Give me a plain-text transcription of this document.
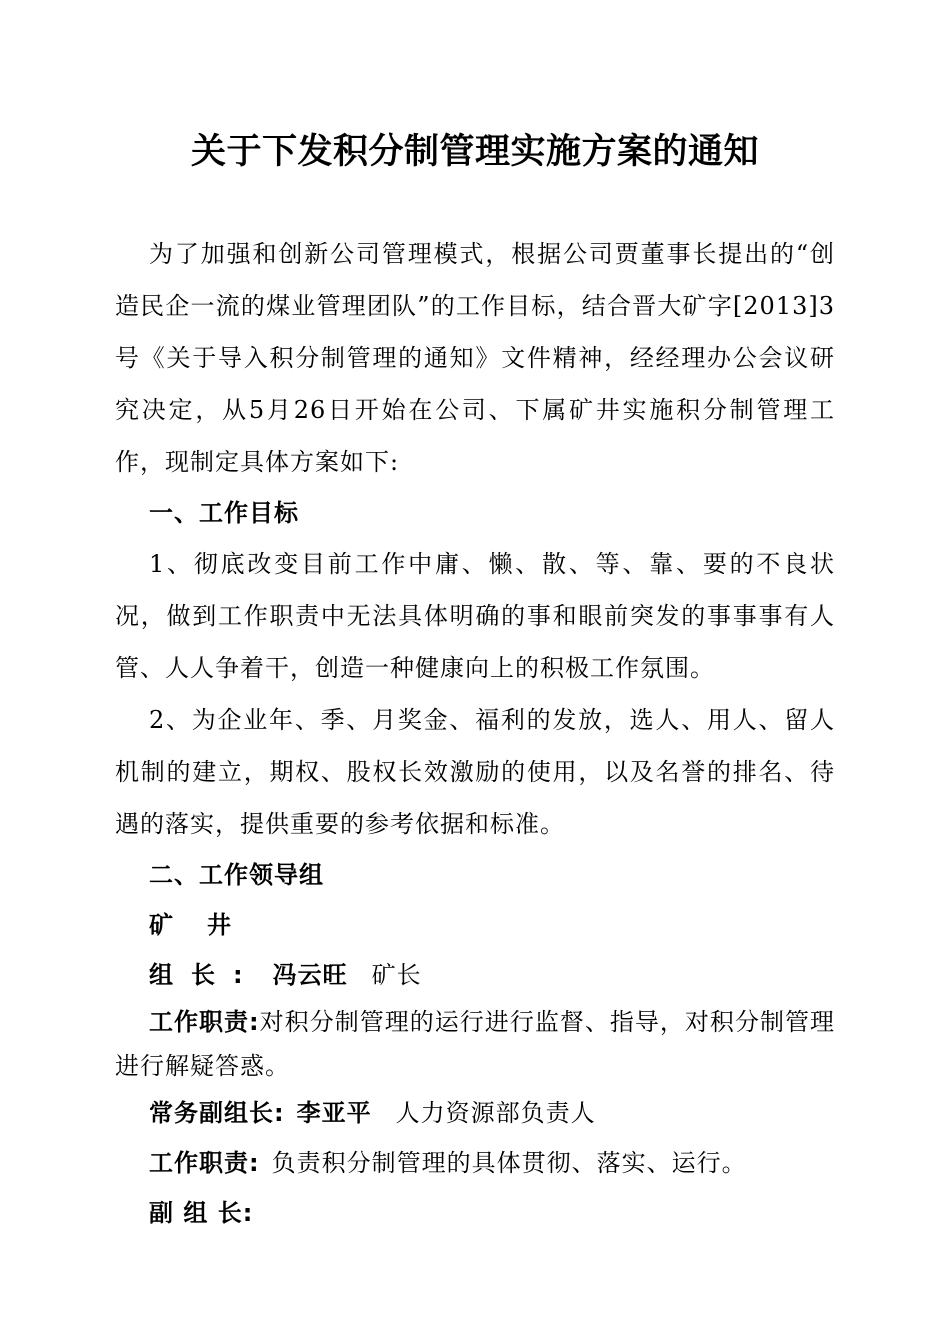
关于下发积分制管理实施方案的通知

为了加强和创新公司管理模式，根据公司贾董事长提出的“创造民企一流的煤业管理团队”的工作目标，结合晋大矿字[2013]3号《关于导入积分制管理的通知》文件精神，经经理办公会议研究决定，从5月26日开始在公司、下属矿井实施积分制管理工作，现制定具体方案如下:

一、工作目标

1、彻底改变目前工作中庸、懒、散、等、靠、要的不良状况，做到工作职责中无法具体明确的事和眼前突发的事事事有人管、人人争着干，创造一种健康向上的积极工作氛围。

2、为企业年、季、月奖金、福利的发放，选人、用人、留人机制的建立，期权、股权长效激励的使用，以及名誉的排名、待遇的落实，提供重要的参考依据和标准。

二、工作领导组

矿井

组长: 冯云旺 矿长

工作职责:对积分制管理的运行进行监督、指导，对积分制管理进行解疑答惑。

常务副组长: 李亚平 人力资源部负责人

工作职责: 负责积分制管理的具体贯彻、落实、运行。

副 组 长:
